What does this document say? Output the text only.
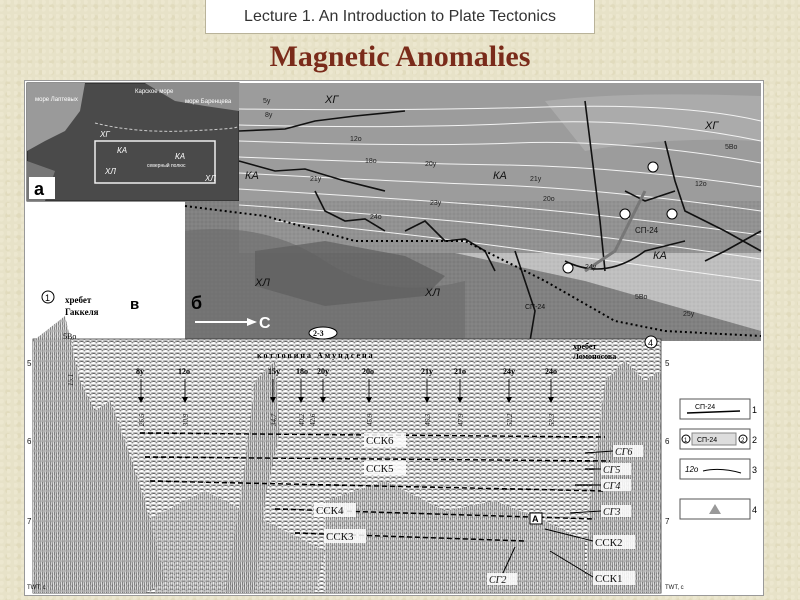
Lecture 1. An Introduction to Plate Tectonics
Magnetic Anomalies
море Лаптевых
Карское море
море Баренцева
ХГ
КА
КА
ХЛ
ХЛ
северный полюс
а
ХГ
ХГ
КА	КА
КА
ХЛ
ХЛ
СП-24
СП-24
5у
8у
12о
18о	20у
21у
23у
24о
24у
5Во
21у
20о
12о
5Во
25у
б
С
1 хребет
Гаккеля
5Во
в
2-3
котловина Амундсена
хребет
Ломоносова
4
8у	12о	15у 18о 20у	20о	21у	21о	24у	24о
15.1
26.5	30.9	34.7	40.2 42.6	45.9	46.3	47.9	52.2	53.3
ССК6
ССК5
ССК4
ССК3	ССК2
ССК1
СГ6
СГ5
СГ4
СГ3
СГ2
А
5
6
7
5
6
7
TWT, с	TWT, с
СП-24	1
1 СП-24	2 2
12о	3
4
